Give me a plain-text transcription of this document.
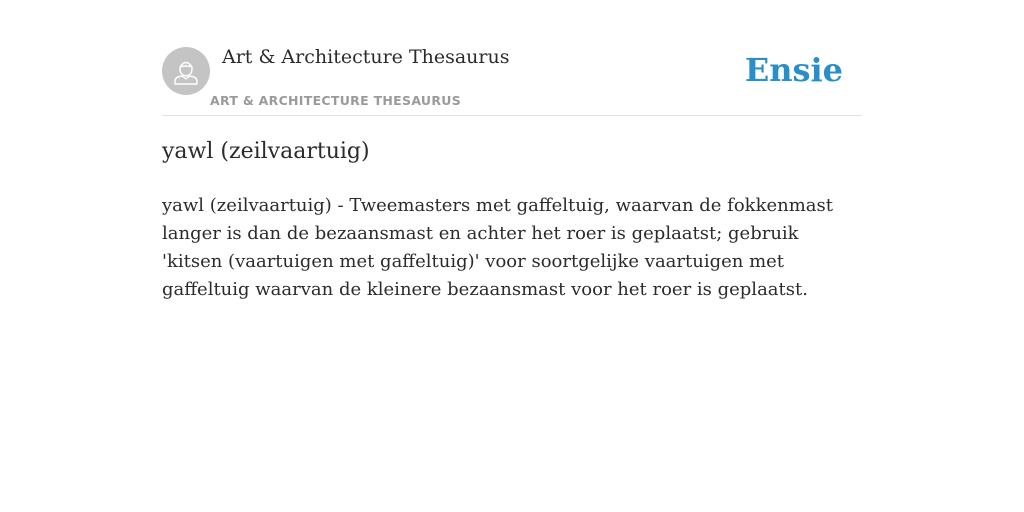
Art & Architecture Thesaurus
ART & ARCHITECTURE THESAURUS
Ensie
yawl (zeilvaartuig)

yawl (zeilvaartuig) - Tweemasters met gaffeltuig, waarvan de fokkenmast langer is dan de bezaansmast en achter het roer is geplaatst; gebruik 'kitsen (vaartuigen met gaffeltuig)' voor soortgelijke vaartuigen met gaffeltuig waarvan de kleinere bezaansmast voor het roer is geplaatst.
